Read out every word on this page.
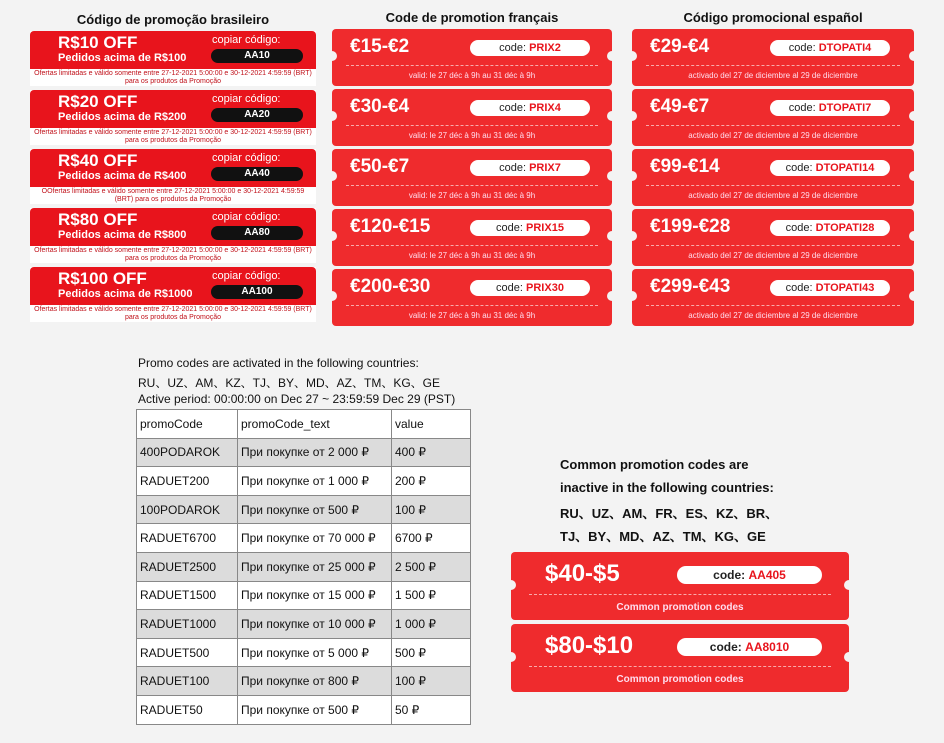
Código de promoção brasileiro	Code de promotion français	Código promocional español
Promo codes are activated in the following countries:
RU、UZ、AM、KZ、TJ、BY、MD、AZ、TM、KG、GE
Active period: 00:00:00 on Dec 27 ~ 23:59:59 Dec 29 (PST)
promoCode	promoCode_text	value
400PODAROK	При покупке от 2 000 ₽	400 ₽
RADUET200	При покупке от 1 000 ₽	200 ₽
100PODAROK	При покупке от 500 ₽	100 ₽
RADUET6700	При покупке от 70 000 ₽	6700 ₽
RADUET2500	При покупке от 25 000 ₽	2 500 ₽
RADUET1500	При покупке от 15 000 ₽	1 500 ₽
RADUET1000	При покупке от 10 000 ₽	1 000 ₽
RADUET500	При покупке от 5 000 ₽	500 ₽
RADUET100	При покупке от 800 ₽	100 ₽
RADUET50	При покупке от 500 ₽	50 ₽
Common promotion codes are
inactive in the following countries:
RU、UZ、AM、FR、ES、KZ、BR、
TJ、BY、MD、AZ、TM、KG、GE
R$10 OFF
Pedidos acima de R$100
copiar código:
AA10
Ofertas limitadas e válido somente entre 27-12-2021 5:00:00 e 30-12-2021 4:59:59 (BRT) para os produtos da Promoção
R$20 OFF
Pedidos acima de R$200
copiar código:
AA20
Ofertas limitadas e válido somente entre 27-12-2021 5:00:00 e 30-12-2021 4:59:59 (BRT) para os produtos da Promoção
R$40 OFF
Pedidos acima de R$400
copiar código:
AA40
OOfertas limitadas e válido somente entre 27-12-2021 5:00:00 e 30-12-2021 4:59:59 (BRT) para os produtos da Promoção
R$80 OFF
Pedidos acima de R$800
copiar código:
AA80
Ofertas limitadas e válido somente entre 27-12-2021 5:00:00 e 30-12-2021 4:59:59 (BRT) para os produtos da Promoção
R$100 OFF
Pedidos acima de R$1000
copiar código:
AA100
Ofertas limitadas e válido somente entre 27-12-2021 5:00:00 e 30-12-2021 4:59:59 (BRT) para os produtos da Promoção
€15-€2	code: PRIX2
valid: le 27 déc à 9h au 31 déc à 9h
€30-€4	code: PRIX4
valid: le 27 déc à 9h au 31 déc à 9h
€50-€7	code: PRIX7
valid: le 27 déc à 9h au 31 déc à 9h
€120-€15	code: PRIX15
valid: le 27 déc à 9h au 31 déc à 9h
€200-€30	code: PRIX30
valid: le 27 déc à 9h au 31 déc à 9h
€29-€4	code: DTOPATI4
activado del 27 de diciembre al 29 de diciembre
€49-€7	code: DTOPATI7
activado del 27 de diciembre al 29 de diciembre
€99-€14	code: DTOPATI14
activado del 27 de diciembre al 29 de diciembre
€199-€28	code: DTOPATI28
activado del 27 de diciembre al 29 de diciembre
€299-€43	code: DTOPATI43
activado del 27 de diciembre al 29 de diciembre
$40-$5	code: AA405
Common promotion codes
$80-$10	code: AA8010
Common promotion codes
